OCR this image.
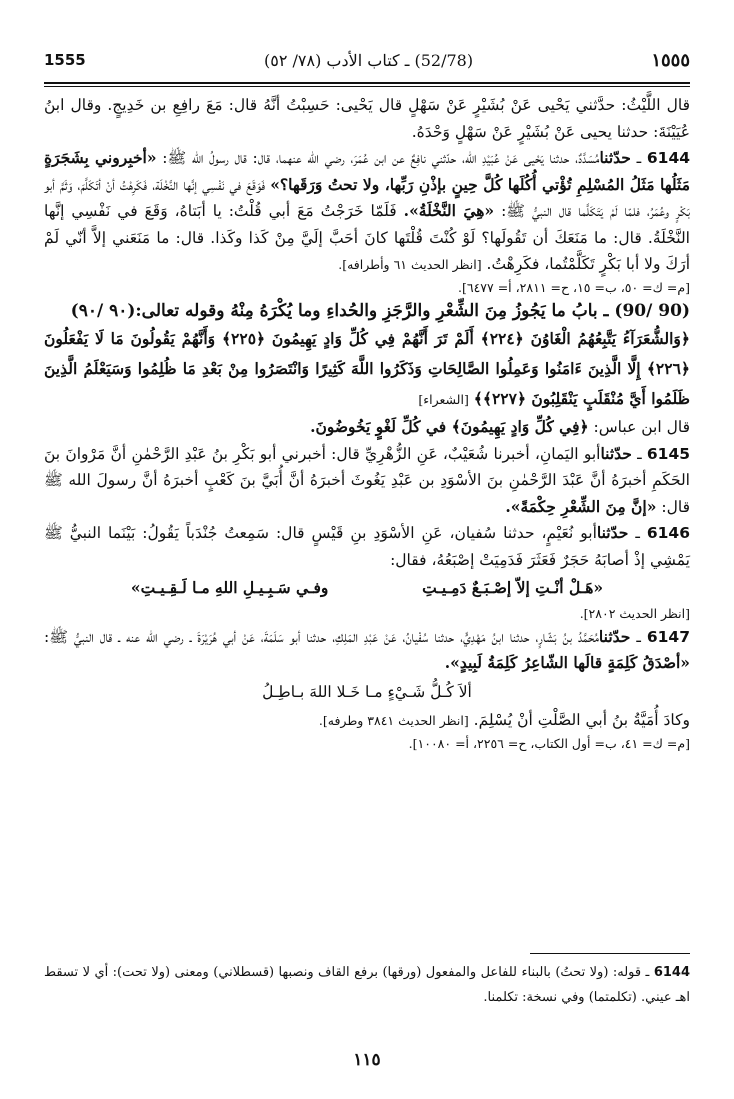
1555	(52/78) ـ كتاب الأدب (٧٨/ ٥٢)	١٥٥٥

قال اللَّيْثُ: حدَّثني يَحْيى عَنْ بُشَيْرٍ عَنْ سَهْلٍ قال يَحْيى: حَسِبْتُ أنَّهُ قال: مَعَ رافِعِ بن خَدِيجٍ. وقال ابنُ عُيَيْنَةَ: حدثنا يحيى عَنْ بُشَيْرٍ عَنْ سَهْلٍ وَحْدَهُ.

6144 ـ حدّثنامُسَدَّدٌ، حدثنا يَحْيى عَنْ عُبَيْدِ الله، حدّثني نافِعٌ عن ابن عُمَرَ، رضي الله عنهما، قال: قال رسولُ الله ﷺ: «أخبِروني بِشَجَرَةٍ مَثَلُها مَثَلُ المُسْلِمِ تُؤْتي أُكُلَها كُلَّ حِينٍ بإذْنِ رَبِّها، ولا تحتُ وَرَقَها؟» فَوَقَعَ في نَفْسِي إنَّها النَّخْلَة، فَكَرِهْتُ أنْ أتَكَلَّمَ، وَثَمَّ أبو بَكْرٍ وعُمَرُ، فلمّا لَمْ يَتَكَلَّما قال النبيُّ ﷺ: «هِيَ النَّخْلَةُ». فَلَمّا خَرَجْتُ مَعَ أبي قُلْتُ: يا أبَتاهُ، وَقَعَ في نَفْسِي إنَّها النَّخْلَةُ. قال: ما مَنَعَكَ أن تَقُولَها؟ لَوْ كُنْتَ قُلْتَها كانَ أحَبَّ إلَيَّ مِنْ كَذا وكَذا. قال: ما مَنَعَني إلاَّ أنّي لَمْ أرَكَ ولا أبا بَكْرٍ تَكَلَّمْتُما، فكَرِهْتُ. [انظر الحديث ٦١ وأطرافه].

[م= ك= ٥٠، ب= ١٥، ح= ٢٨١١، أ= ٦٤٧٧].

(90 /90) ـ بابُ ما يَجُوزُ مِنَ الشِّعْرِ والرَّجَزِ والحُداءِ وما يُكْرَهُ مِنْهُ وقوله تعالى:(٩٠ /٩٠)

﴿وَالشُّعَرَآءُ يَتَّبِعُهُمُ الْغَاوُنَ ﴿٢٢٤﴾ أَلَمْ تَرَ أَنَّهُمْ فِي كُلِّ وَادٍ يَهِيمُونَ ﴿٢٢٥﴾ وَأَنَّهُمْ يَقُولُونَ مَا لَا يَفْعَلُونَ ﴿٢٢٦﴾ إِلَّا الَّذِينَ ءَامَنُوا وَعَمِلُوا الصَّالِحَاتِ وَذَكَرُوا اللَّهَ كَثِيرًا وَانْتَصَرُوا مِنْ بَعْدِ مَا ظُلِمُوا وَسَيَعْلَمُ الَّذِينَ ظَلَمُوا أَيَّ مُنْقَلَبٍ يَنْقَلِبُونَ ﴿٢٢٧﴾﴾ [الشعراء]

قال ابن عباس: ﴿فِي كُلِّ وَادٍ يَهِيمُونَ﴾ في كُلِّ لَغْوٍ يَخُوضُونَ.

6145 ـ حدّثناأبو اليَمانِ، أخبرنا شُعَيْبٌ، عَنِ الزُّهْرِيِّ قال: أخبرني أبو بَكْرِ بنُ عَبْدِ الرَّحْمٰنِ أنَّ مَرْوانَ بنَ الحَكَمِ أخبرَهُ أنَّ عَبْدَ الرَّحْمٰنِ بنَ الأسْوَدِ بن عَبْدِ يَغُوثَ أخبرَهُ أنَّ أُبَيَّ بنَ كَعْبٍ أخبرَهُ أنَّ رسولَ الله ﷺ قال: «إنَّ مِنَ الشِّعْرِ حِكْمَةً».

6146 ـ حدّثناأبو نُعَيْمٍ، حدثنا سُفيان، عَنِ الأسْوَدِ بنِ قَيْسٍ قال: سَمِعتُ جُنْدَباً يَقُولُ: بَيْنَما النبيُّ ﷺ يَمْشِي إذْ أصابَهُ حَجَرٌ فَعَثَرَ فَدَمِيَتْ إصْبَعُهُ، فقال:

«هَـلْ أنْـتِ إلاّ إصْـبَـعٌ دَمِـيـتِ
وفـي سَـبِـيـلِ اللهِ مـا لَـقِـيـتِ»

[انظر الحديث ٢٨٠٢].

6147 ـ حدّثنامُحَمَّدُ بنُ بَشّارٍ، حدثنا ابنُ مَهْدِيٍّ، حدثنا سُفْيانُ، عَنْ عَبْدِ المَلِكِ، حدثنا أبو سَلَمَةَ، عَنْ أبي هُرَيْرَةَ ـ رضي الله عنه ـ قال النبيُّ ﷺ: «أصْدَقُ كَلِمَةٍ قالَها الشّاعِرُ كَلِمَةُ لَبِيدٍ».

ألاَ كُـلُّ شَـيْءٍ مـا خَـلا اللهَ بـاطِـلُ

وكادَ أُمَيَّةُ بنُ أبي الصَّلْتِ أنْ يُسْلِمَ. [انظر الحديث ٣٨٤١ وطرفه].

[م= ك= ٤١، ب= أول الكتاب، ح= ٢٢٥٦، أ= ١٠٠٨٠].

6144 ـ قوله: (ولا تحتُ) بالبناء للفاعل والمفعول (ورقها) برفع القاف ونصبها (قسطلاني) ومعنى (ولا تحت): أي لا تسقط اهـ عيني. (تكلمتما) وفي نسخة: تكلمنا.
١١٥
